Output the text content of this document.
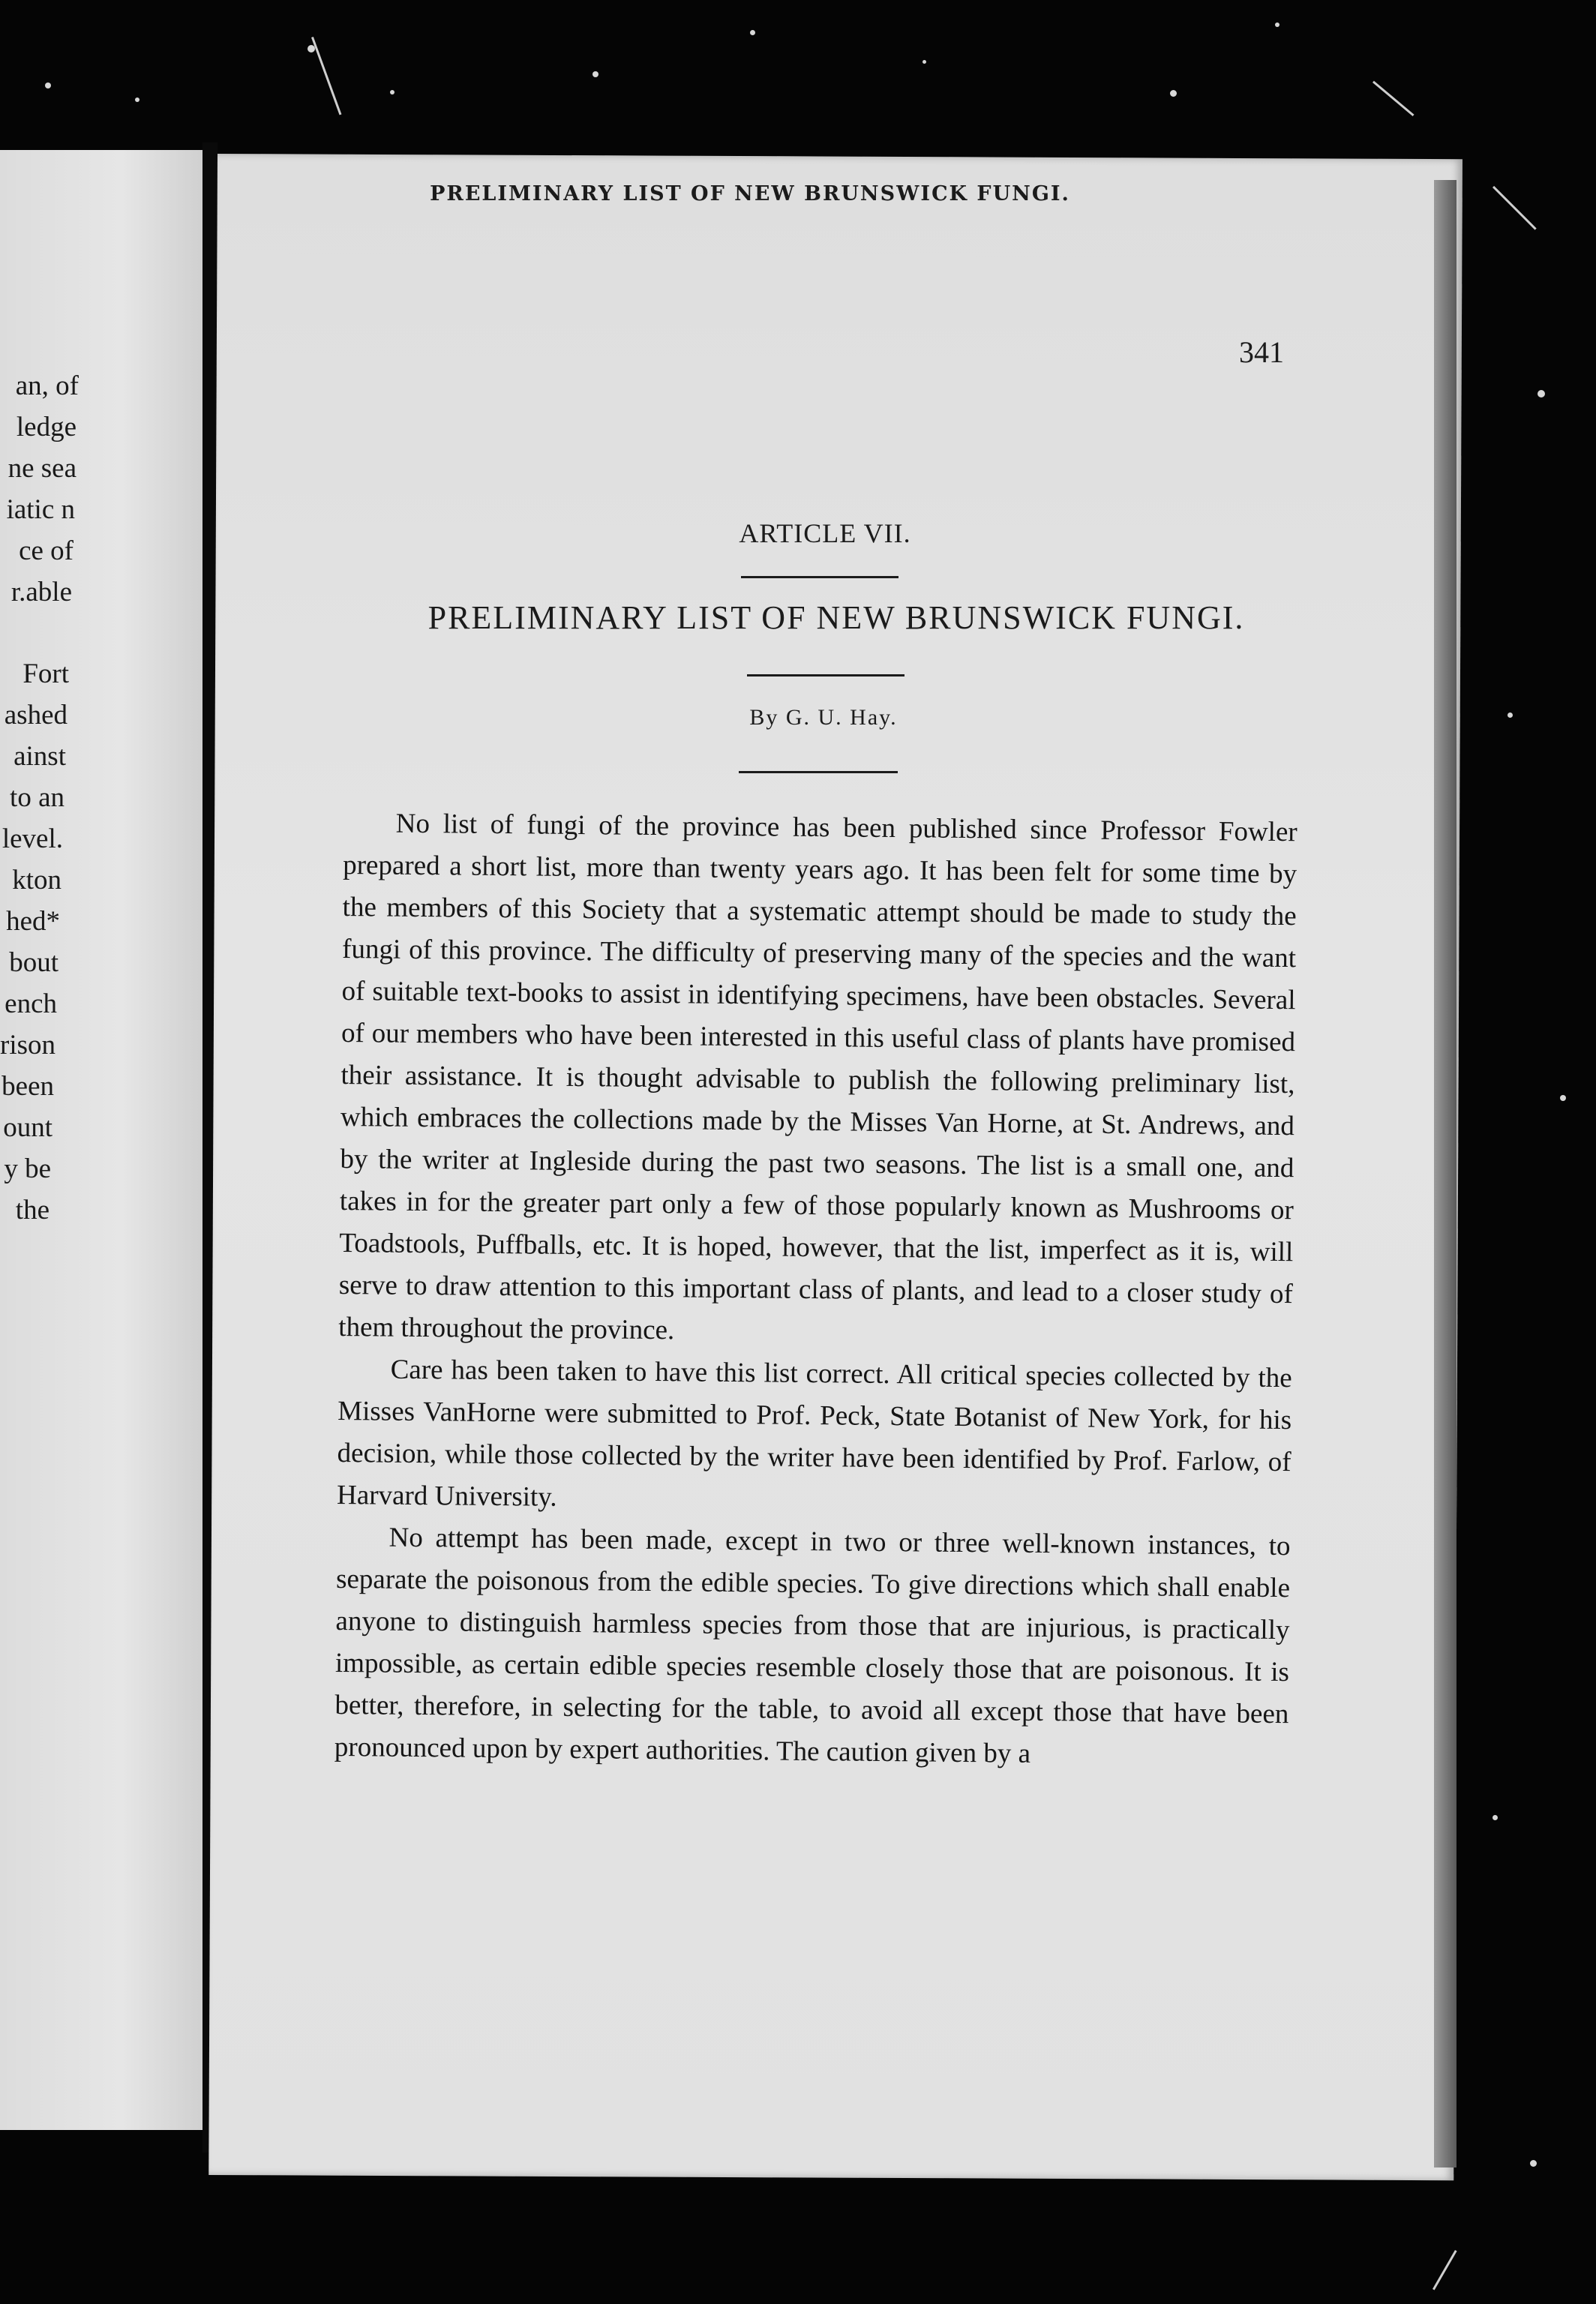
an, of
ledge
ne sea
iatic n
ce of
r.able
Fort
ashed
ainst
to an
level.
kton
hed*
bout
ench
rison
been
ount
y be
the
PRELIMINARY LIST OF NEW BRUNSWICK FUNGI.
341
ARTICLE VII.
PRELIMINARY LIST OF NEW BRUNSWICK FUNGI.
By G. U. Hay.

No list of fungi of the province has been published since Professor Fowler prepared a short list, more than twenty years ago. It has been felt for some time by the members of this Society that a systematic attempt should be made to study the fungi of this province. The difficulty of preserving many of the species and the want of suitable text-books to assist in identifying specimens, have been obstacles. Several of our members who have been interested in this useful class of plants have promised their assistance. It is thought advisable to publish the following preliminary list, which embraces the collections made by the Misses Van Horne, at St. Andrews, and by the writer at Ingleside during the past two seasons. The list is a small one, and takes in for the greater part only a few of those popularly known as Mushrooms or Toadstools, Puffballs, etc. It is hoped, however, that the list, imperfect as it is, will serve to draw attention to this important class of plants, and lead to a closer study of them throughout the province.

Care has been taken to have this list correct. All critical species collected by the Misses VanHorne were submitted to Prof. Peck, State Botanist of New York, for his decision, while those collected by the writer have been identified by Prof. Farlow, of Harvard University.

No attempt has been made, except in two or three well-known instances, to separate the poisonous from the edible species. To give directions which shall enable anyone to distinguish harmless species from those that are injurious, is practically impossible, as certain edible species resemble closely those that are poisonous. It is better, therefore, in selecting for the table, to avoid all except those that have been pronounced upon by expert authorities. The caution given by a
